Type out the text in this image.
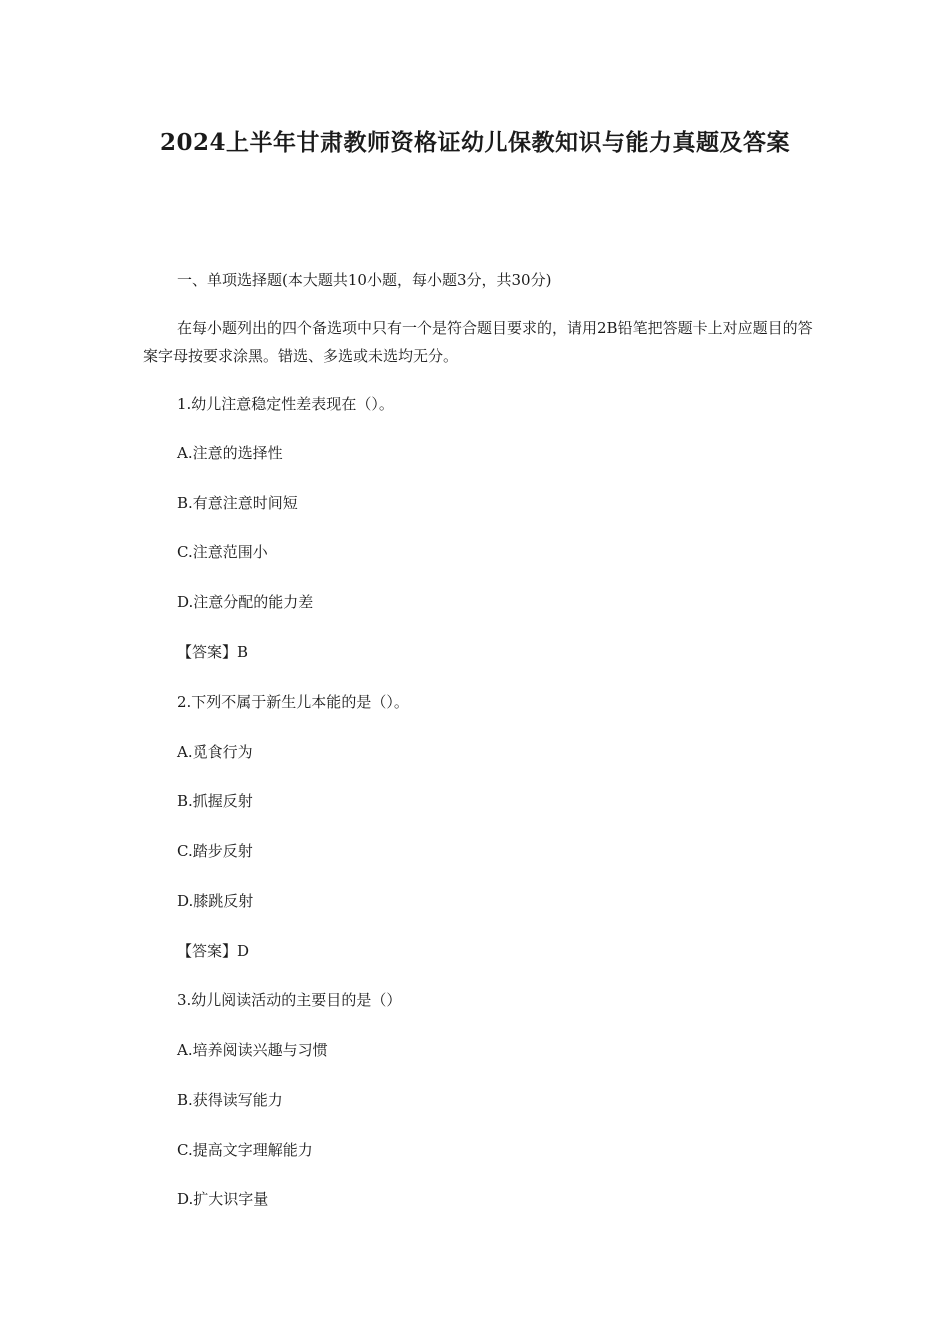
2024上半年甘肃教师资格证幼儿保教知识与能力真题及答案
一、单项选择题(本大题共10小题，每小题3分，共30分)
在每小题列出的四个备选项中只有一个是符合题目要求的，请用2B铅笔把答题卡上对应题目的答案字母按要求涂黑。错选、多选或未选均无分。
1.幼儿注意稳定性差表现在（）。
A.注意的选择性
B.有意注意时间短
C.注意范围小
D.注意分配的能力差
【答案】B
2.下列不属于新生儿本能的是（）。
A.觅食行为
B.抓握反射
C.踏步反射
D.膝跳反射
【答案】D
3.幼儿阅读活动的主要目的是（）
A.培养阅读兴趣与习惯
B.获得读写能力
C.提高文字理解能力
D.扩大识字量
